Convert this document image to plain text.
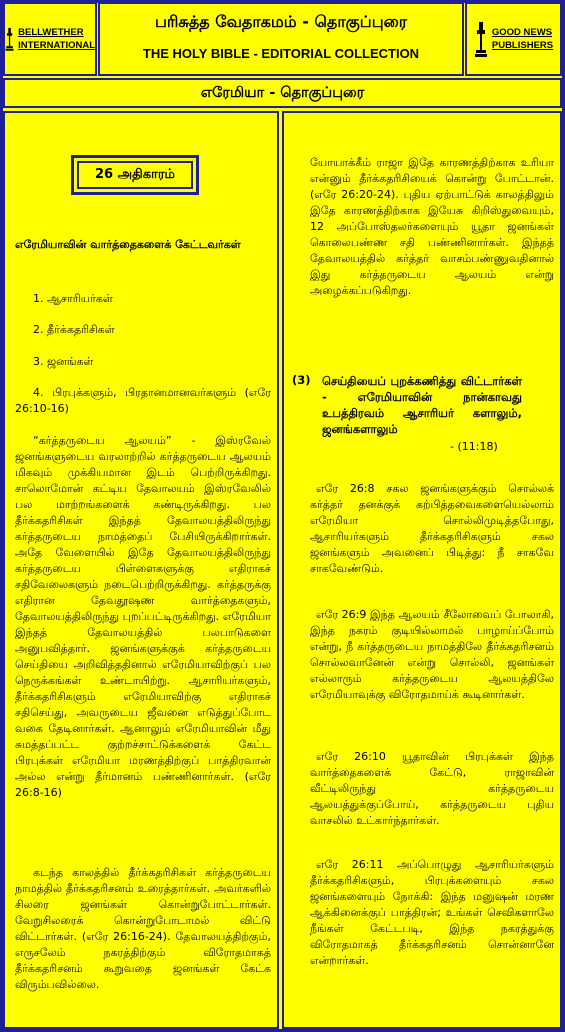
BELLWETHER
INTERNATIONAL
பரிசுத்த வேதாகமம் - தொகுப்புரை
THE HOLY BIBLE - EDITORIAL COLLECTION
GOOD NEWS
PUBLISHERS
எரேமியா - தொகுப்புரை
26 அதிகாரம்

எரேமியாவின் வார்த்தைகளைக் கேட்டவர்கள்

1. ஆசாரியர்கள்

2. தீர்க்கதரிசிகள்

3. ஜனங்கள்

4. பிரபுக்களும், பிரதானமானவர்களும் (எரே 26:10-16)

“கர்த்தருடைய ஆலயம்” - இஸ்ரவேல் ஜனங்களுடைய வரலாற்றில் கர்த்தருடைய ஆலயம் மிகவும் முக்கியமான இடம் பெற்றிருக்கிறது. சாலொமோன் கட்டிய தேவாலயம் இஸ்ரவேலில் பல மாற்றங்களைக் கண்டிருக்கிறது. பல தீர்க்கதரிசிகள் இந்தத் தேவாலயத்திலிருந்து கர்த்தருடைய நாமத்தைப் பேசியிருக்கிறார்கள். அதே வேளையில் இதே தேவாலயத்திலிருந்து கர்த்தருடைய பிள்ளைகளுக்கு எதிராகச் சதிவேலைகளும் நடைபெற்றிருக்கிறது. கர்த்தருக்கு எதிரான தேவதூஷண வார்த்தைகளும், தேவாலயத்திலிருந்து புறப்பட்டிருக்கிறது. எரேமியா இந்தத் தேவாலயத்தில் பலபாடுகளை அனுபவித்தார். ஜனங்களுக்குக் கர்த்தருடைய செய்தியை அறிவித்ததினால் எரேமியாவிற்குப் பல நெருக்கங்கள் உண்டாயிற்று. ஆசாரியர்களும், தீர்க்கதரிசிகளும் எரேமியாவிற்கு எதிராகச் சதிசெய்து, அவருடைய ஜீவனை எடுத்துப்போட வகை தேடினார்கள். ஆனாலும் எரேமியாவின் மீது சுமத்தப்பட்ட குற்றச்சாட்டுக்களைக் கேட்ட பிரபுக்கள் எரேமியா மரணத்திற்குப் பாத்திரவான் அல்ல என்று தீர்மானம் பண்ணினார்கள். (எரே 26:8-16)

கடந்த காலத்தில் தீர்க்கதரிசிகள் கர்த்தருடைய நாமத்தில் தீர்க்கதரிசனம் உரைத்தார்கள். அவர்களில் சிலரை ஜனங்கள் கொன்றுபோட்டார்கள். வேறுசிலரைக் கொன்றுபோடாமல் விட்டு விட்டார்கள். (எரே 26:16-24). தேவாலயத்திற்கும், எருசலேம் நகரத்திற்கும் விரோதமாகத் தீர்க்கதரிசனம் கூறுவதை ஜனங்கள் கேட்க விரும்பவில்லை.

யோயாக்கீம் ராஜா இதே காரணத்திற்காக உரியா என்னும் தீர்க்கதரிசியைக் கொன்று போட்டான். (எரே 26:20-24). புதிய ஏற்பாட்டுக் காலத்திலும் இதே காரணத்திற்காக இயேசு கிறிஸ்துவையும், 12 அப்போஸ்தலர்களையும் யூதா ஜனங்கள் கொலைபண்ண சதி பண்ணினார்கள். இந்தத் தேவாலயத்தில் கர்த்தர் வாசம்பண்ணுவதினால் இது கர்த்தருடைய ஆலயம் என்று அழைக்கப்படுகிறது.

(3) செய்தியைப் புறக்கணித்து விட்டார்கள் - எரேமியாவின் நான்காவது உபத்திரவம் ஆசாரியர் களாலும், ஜனங்களாலும்

- (11:18)

எரே 26:8 சகல ஜனங்களுக்கும் சொல்லக் கர்த்தர் தனக்குக் கற்பித்தவைகளையெல்லாம் எரேமியா சொல்லிமுடித்தபோது, ஆசாரியர்களும் தீர்க்கதரிசிகளும் சகல ஜனங்களும் அவனைப் பிடித்து: நீ சாகவே சாகவேண்டும்.

எரே 26:9 இந்த ஆலயம் சீலோவைப் போலாகி, இந்த நகரம் குடியில்லாமல் பாழாய்ப்போம் என்று, நீ கர்த்தருடைய நாமத்திலே தீர்க்கதரிசனம் சொல்லவானேன் என்று சொல்லி, ஜனங்கள் எல்லாரும் கர்த்தருடைய ஆலயத்திலே எரேமியாவுக்கு விரோதமாய்க் கூடினார்கள்.

எரே 26:10 யூதாவின் பிரபுக்கள் இந்த வார்த்தைகளைக் கேட்டு, ராஜாவின் வீட்டிலிருந்து கர்த்தருடைய ஆலயத்துக்குப்போய், கர்த்தருடைய புதிய வாசலில் உட்கார்ந்தார்கள்.

எரே 26:11 அப்பொழுது ஆசாரியர்களும் தீர்க்கதரிசிகளும், பிரபுக்களையும் சகல ஜனங்களையும் நோக்கி: இந்த மனுஷன் மரண ஆக்கினைக்குப் பாத்திரன்; உங்கள் செவிகளாலே நீங்கள் கேட்டபடி, இந்த நகரத்துக்கு விரோதமாகத் தீர்க்கதரிசனம் சொன்னானே என்றார்கள்.
